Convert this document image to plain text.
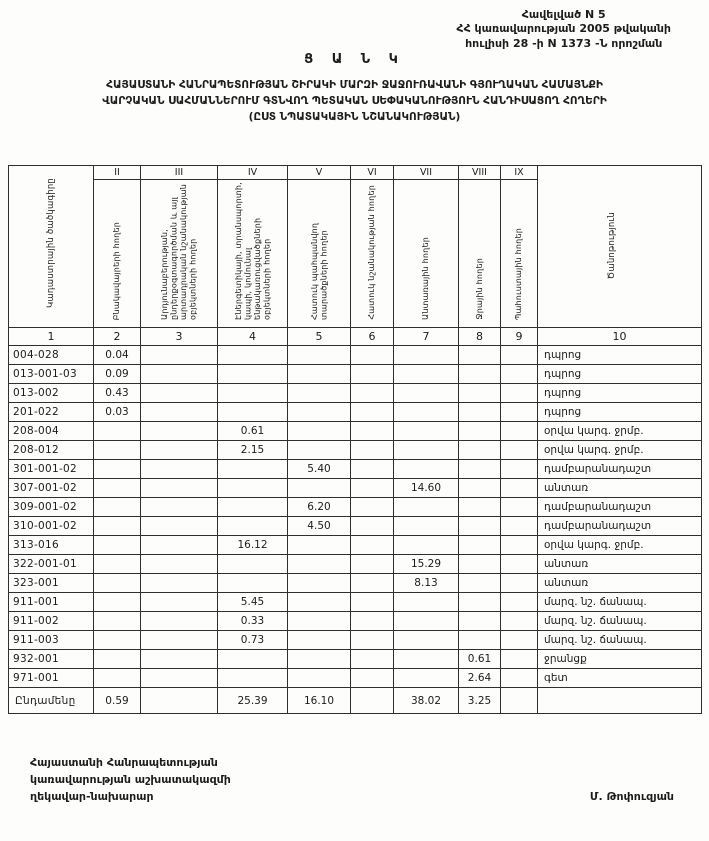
Հավելված N 5
ՀՀ կառավարության 2005 թվականի
հուլիսի 28 -ի N 1373 -Ն որոշման
Ց Ա Ն Կ
ՀԱՅԱՍՏԱՆԻ ՀԱՆՐԱՊԵՏՈՒԹՅԱՆ ՇԻՐԱԿԻ ՄԱՐԶԻ ՋԱՋՈՒՌԱՎԱՆԻ ԳՅՈՒՂԱԿԱՆ ՀԱՄԱՅՆՔԻ
ՎԱՐՉԱԿԱՆ ՍԱՀՄԱՆՆԵՐՈՒՄ ԳՏՆՎՈՂ ՊԵՏԱԿԱՆ ՍԵՓԱԿԱՆՈՒԹՅՈՒՆ ՀԱՆԴԻՍԱՑՈՂ ՀՈՂԵՐԻ
(ԸՍՏ ՆՊԱՏԱԿԱՅԻՆ ՆՇԱՆԱԿՈՒԹՅԱՆ)
Կադաստրային ծածկագիրը	II	III	IV	V	VI	VII	VIII	IX	Ծանոթություն
	Բնակավայրերի հողեր	Արդյունաբերության, ընդերքօգտագործման և այլ արտադրական նշանակության օբյեկտների հողեր	Էներգետիկայի, տրանսպորտի, կապի, կոմունալ ենթակառուցվածքների օբյեկտների հողեր	Հատուկ պահպանվող տարածքների հողեր	Հատուկ նշանակության հողեր	Անտառային հողեր	Ջրային հողեր	Պահուստային հողեր	
1	2	3	4	5	6	7	8	9	10
004-028	0.04								դպրոց
013-001-03	0.09								դպրոց
013-002	0.43								դպրոց
201-022	0.03								դպրոց
208-004			0.61						օրվա կարգ. ջրմբ.
208-012			2.15						օրվա կարգ. ջրմբ.
301-001-02				5.40					դամբարանադաշտ
307-001-02						14.60			անտառ
309-001-02				6.20					դամբարանադաշտ
310-001-02				4.50					դամբարանադաշտ
313-016			16.12						օրվա կարգ. ջրմբ.
322-001-01						15.29			անտառ
323-001						8.13			անտառ
911-001			5.45						մարզ. նշ. ճանապ.
911-002			0.33						մարզ. նշ. ճանապ.
911-003			0.73						մարզ. նշ. ճանապ.
932-001							0.61		ջրանցք
971-001							2.64		գետ
Ընդամենը	0.59		25.39	16.10		38.02	3.25		
Հայաստանի Հանրապետության
կառավարության աշխատակազմի
ղեկավար-նախարար	Մ. Թոփուզյան
